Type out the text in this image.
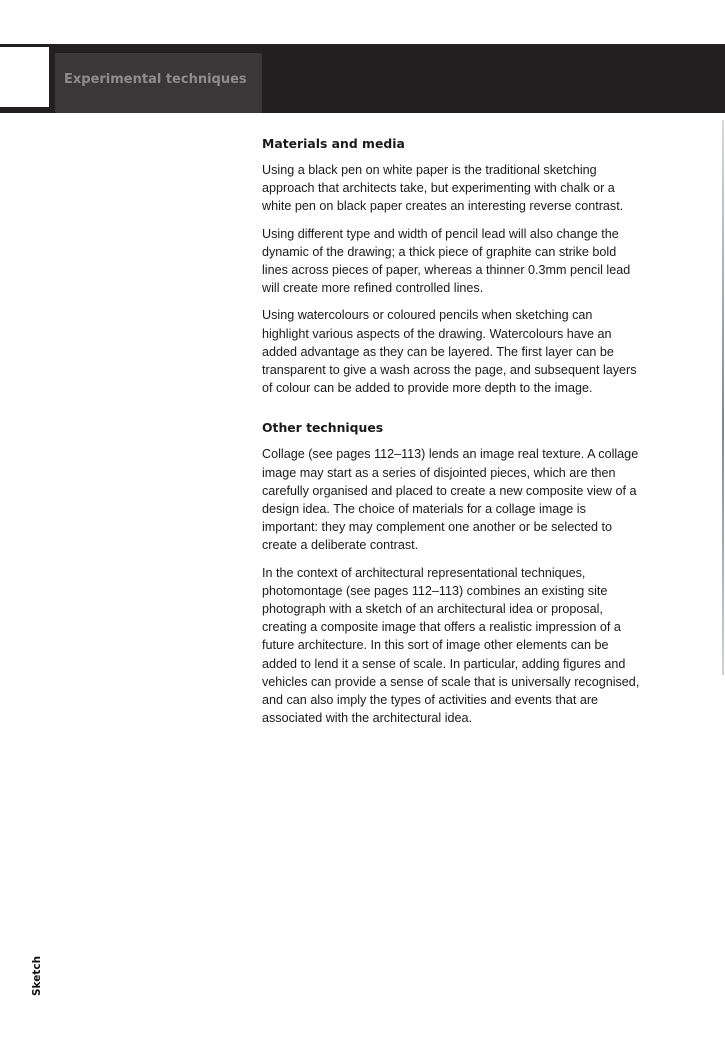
Experimental techniques
Materials and media

Using a black pen on white paper is the traditional sketching approach that architects take, but experimenting with chalk or a white pen on black paper creates an interesting reverse contrast.

Using different type and width of pencil lead will also change the dynamic of the drawing; a thick piece of graphite can strike bold lines across pieces of paper, whereas a thinner 0.3mm pencil lead will create more refined controlled lines.

Using watercolours or coloured pencils when sketching can highlight various aspects of the drawing. Watercolours have an added advantage as they can be layered. The first layer can be transparent to give a wash across the page, and subsequent layers of colour can be added to provide more depth to the image.

Other techniques

Collage (see pages 112–113) lends an image real texture. A collage image may start as a series of disjointed pieces, which are then carefully organised and placed to create a new composite view of a design idea. The choice of materials for a collage image is important: they may complement one another or be selected to create a deliberate contrast.

In the context of architectural representational techniques, photomontage (see pages 112–113) combines an existing site photograph with a sketch of an architectural idea or proposal, creating a composite image that offers a realistic impression of a future architecture. In this sort of image other elements can be added to lend it a sense of scale. In particular, adding figures and vehicles can provide a sense of scale that is universally recognised, and can also imply the types of activities and events that are associated with the architectural idea.

Sketch
